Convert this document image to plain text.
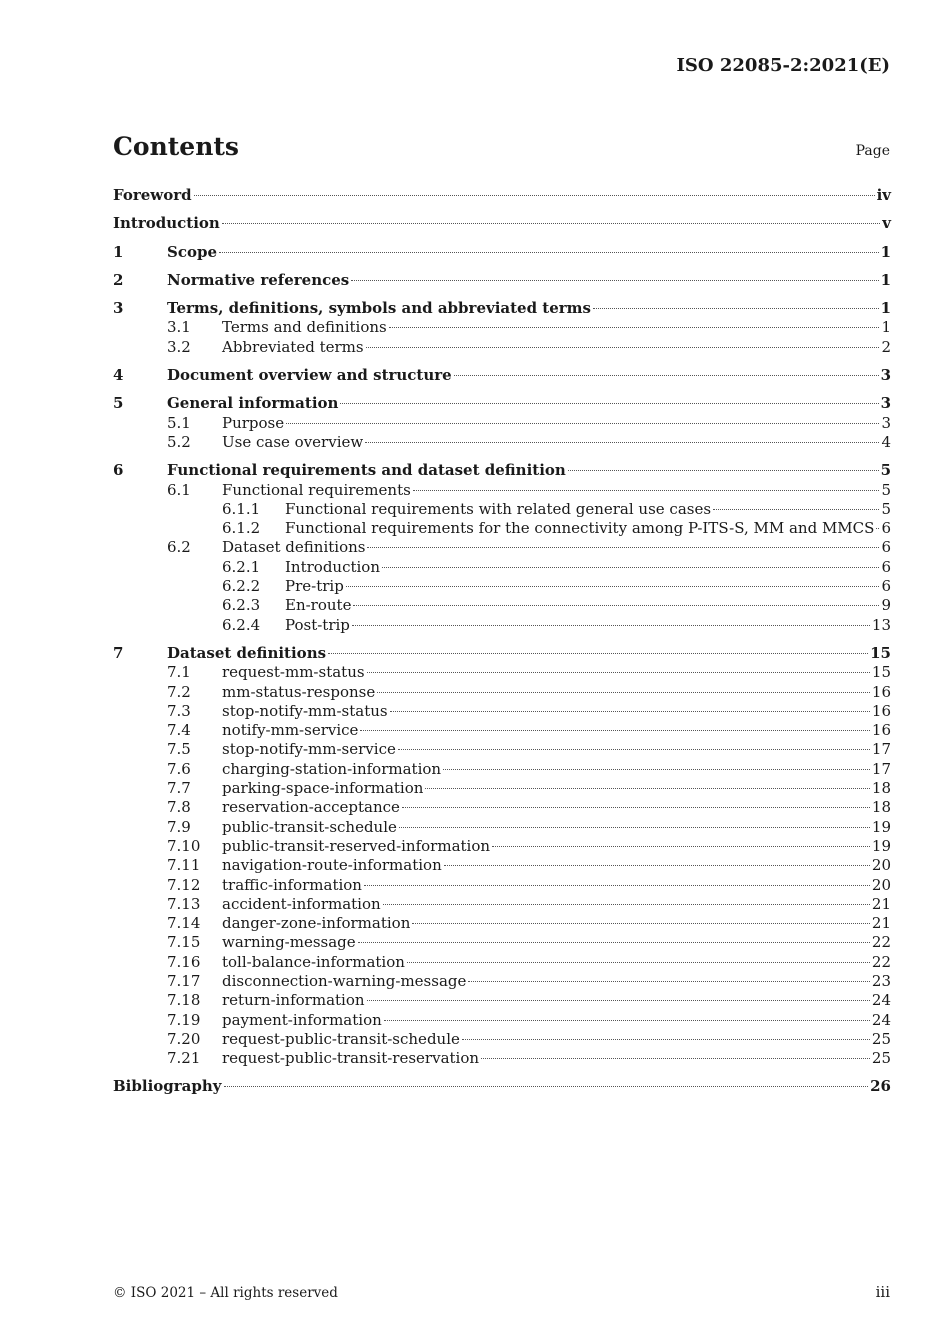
ISO 22085-2:2021(E)
Contents	Page
Foreword	iv
Introduction	v
1	Scope	1
2	Normative references	1
3	Terms, definitions, symbols and abbreviated terms	1
3.1 Terms and definitions	1
3.2 Abbreviated terms	2
4	Document overview and structure	3
5	General information	3
5.1 Purpose	3
5.2 Use case overview	4
6	Functional requirements and dataset definition	5
6.1 Functional requirements	5
6.1.1 Functional requirements with related general use cases	5
6.1.2 Functional requirements for the connectivity among P-ITS-S, MM and MMCS 6
6.2 Dataset definitions	6
6.2.1 Introduction	6
6.2.2 Pre-trip	6
6.2.3 En-route	9
6.2.4 Post-trip	13
7	Dataset definitions	15
7.1 request-mm-status	15
7.2 mm-status-response	16
7.3 stop-notify-mm-status	16
7.4 notify-mm-service	16
7.5 stop-notify-mm-service	17
7.6 charging-station-information	17
7.7 parking-space-information	18
7.8 reservation-acceptance	18
7.9 public-transit-schedule	19
7.10 public-transit-reserved-information	19
7.11 navigation-route-information	20
7.12 traffic-information	20
7.13 accident-information	21
7.14 danger-zone-information	21
7.15 warning-message	22
7.16 toll-balance-information	22
7.17 disconnection-warning-message	23
7.18 return-information	24
7.19 payment-information	24
7.20 request-public-transit-schedule	25
7.21 request-public-transit-reservation	25
Bibliography	26
© ISO 2021 – All rights reserved	iii
